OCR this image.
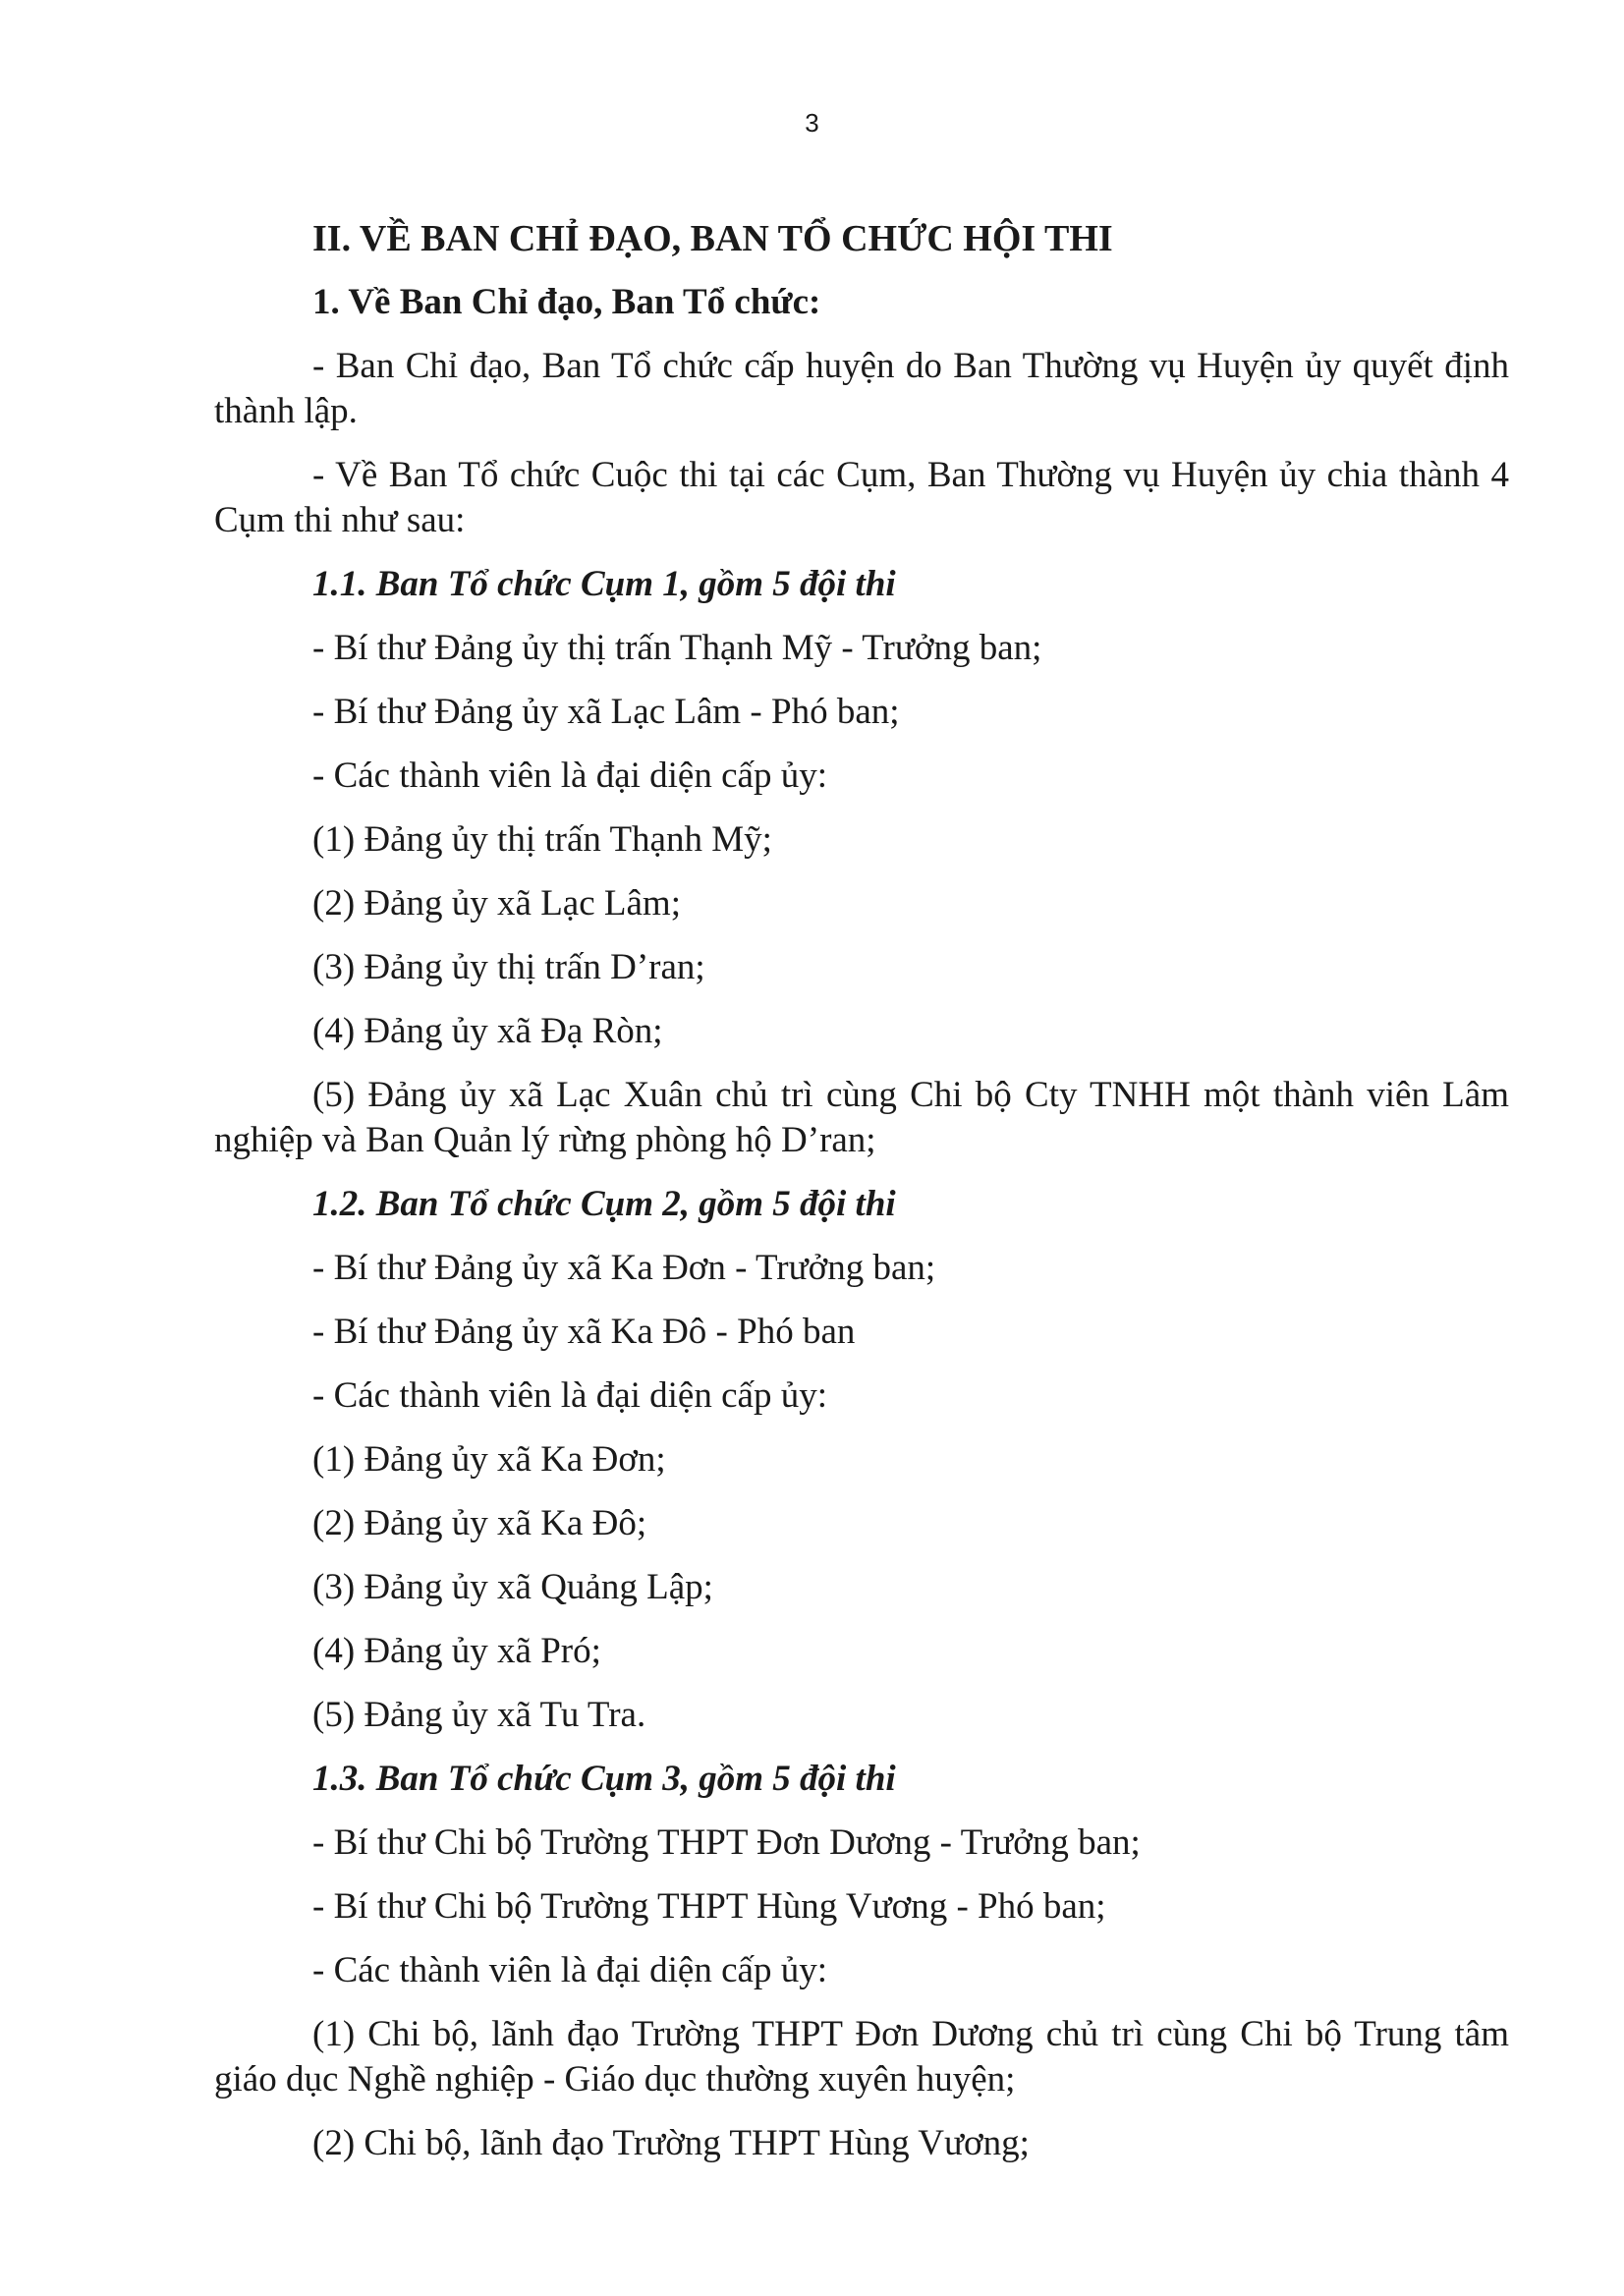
3
II. VỀ BAN CHỈ ĐẠO, BAN TỔ CHỨC HỘI THI
1. Về Ban Chỉ đạo, Ban Tổ chức:
- Ban Chỉ đạo, Ban Tổ chức cấp huyện do Ban Thường vụ Huyện ủy quyết định thành lập.
- Về Ban Tổ chức Cuộc thi tại các Cụm, Ban Thường vụ Huyện ủy chia thành 4 Cụm thi như sau:
1.1. Ban Tổ chức Cụm 1, gồm 5 đội thi
- Bí thư Đảng ủy thị trấn Thạnh Mỹ - Trưởng ban;
- Bí thư Đảng ủy xã Lạc Lâm - Phó ban;
- Các thành viên là đại diện cấp ủy:
(1) Đảng ủy thị trấn Thạnh Mỹ;
(2) Đảng ủy xã Lạc Lâm;
(3) Đảng ủy thị trấn D’ran;
(4) Đảng ủy xã Đạ Ròn;
(5) Đảng ủy xã Lạc Xuân chủ trì cùng Chi bộ Cty TNHH một thành viên Lâm nghiệp và Ban Quản lý rừng phòng hộ D’ran;
1.2. Ban Tổ chức Cụm 2, gồm 5 đội thi
- Bí thư Đảng ủy xã Ka Đơn - Trưởng ban;
- Bí thư Đảng ủy xã Ka Đô - Phó ban
- Các thành viên là đại diện cấp ủy:
(1) Đảng ủy xã Ka Đơn;
(2) Đảng ủy xã Ka Đô;
(3) Đảng ủy xã Quảng Lập;
(4) Đảng ủy xã Pró;
(5) Đảng ủy xã Tu Tra.
1.3. Ban Tổ chức Cụm 3, gồm 5 đội thi
- Bí thư Chi bộ Trường THPT Đơn Dương - Trưởng ban;
- Bí thư Chi bộ Trường THPT Hùng Vương - Phó ban;
- Các thành viên là đại diện cấp ủy:
(1) Chi bộ, lãnh đạo Trường THPT Đơn Dương chủ trì cùng Chi bộ Trung tâm giáo dục Nghề nghiệp - Giáo dục thường xuyên huyện;
(2) Chi bộ, lãnh đạo Trường THPT Hùng Vương;
